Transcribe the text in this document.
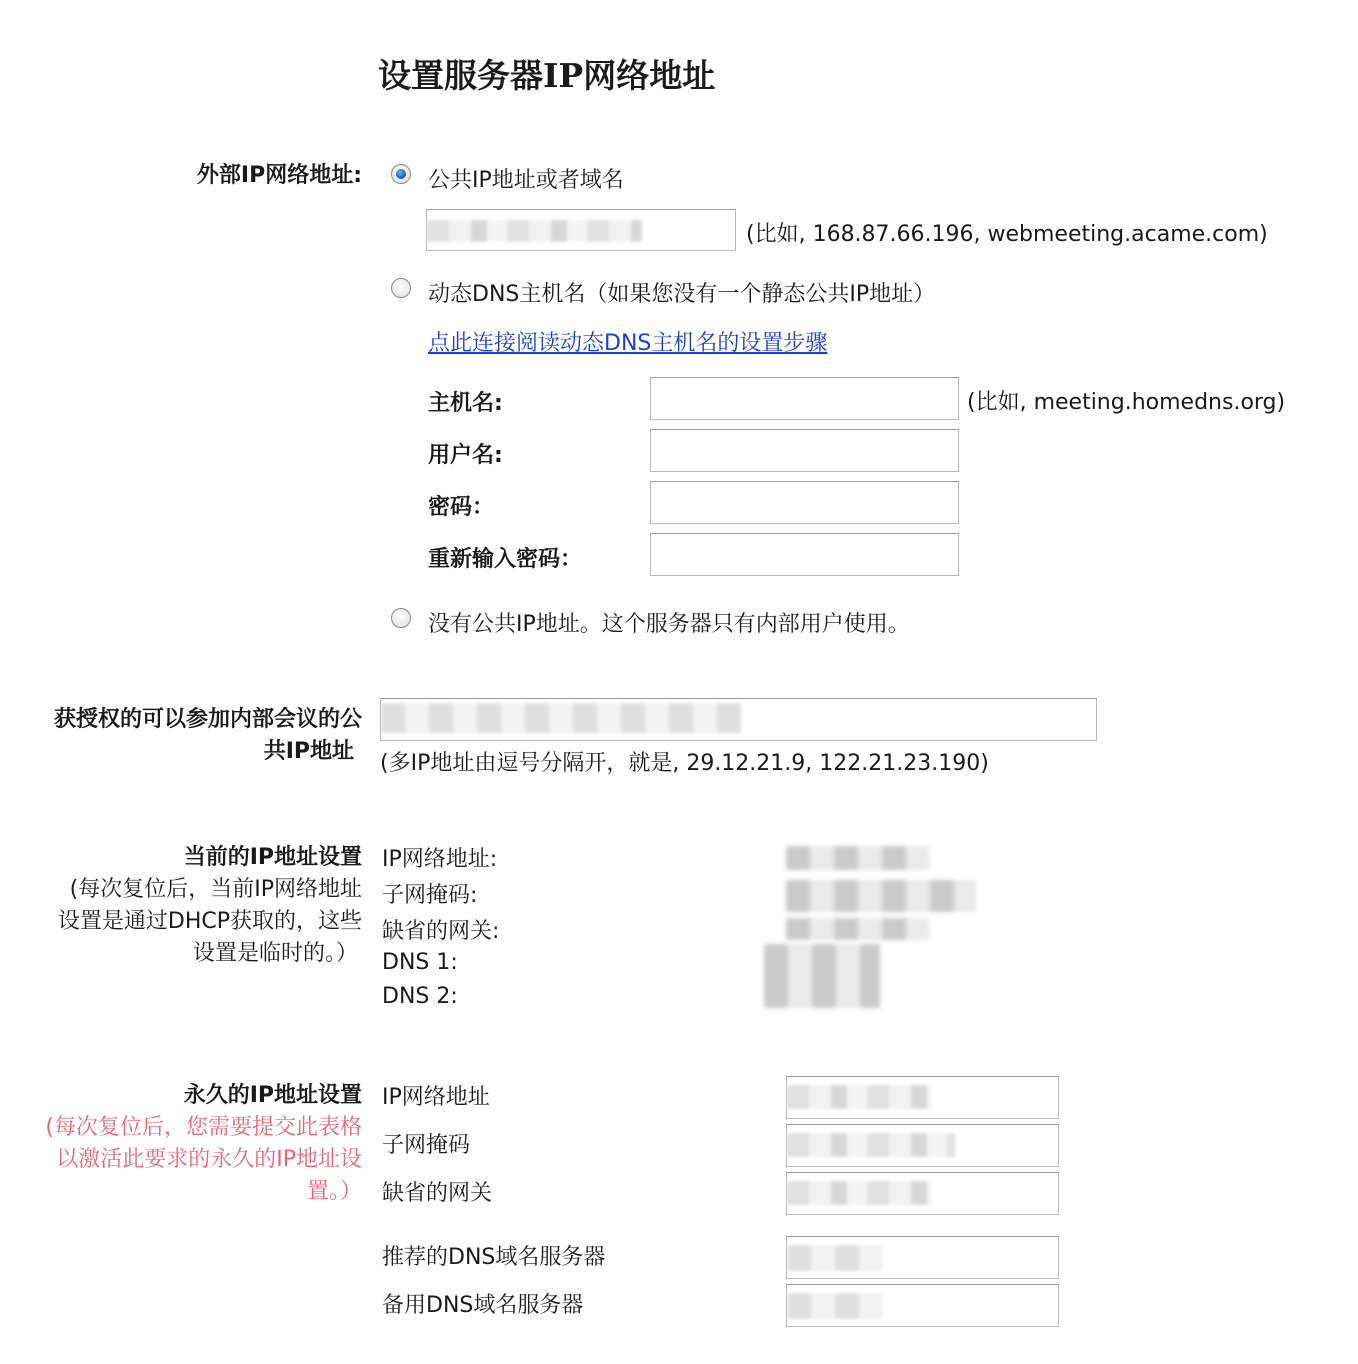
设置服务器IP网络地址
外部IP网络地址:	公共IP地址或者域名
(比如, 168.87.66.196, webmeeting.acame.com)
动态DNS主机名（如果您没有一个静态公共IP地址）
点此连接阅读动态DNS主机名的设置步骤
主机名:	(比如, meeting.homedns.org)
用户名:
密码：
重新输入密码：
没有公共IP地址。这个服务器只有内部用户使用。
获授权的可以参加内部会议的公
共IP地址 (多IP地址由逗号分隔开，就是, 29.12.21.9, 122.21.23.190)
当前的IP地址设置
(每次复位后，当前IP网络地址
设置是通过DHCP获取的，这些
设置是临时的。）
IP网络地址:
子网掩码:
缺省的网关:
DNS 1:
DNS 2:
永久的IP地址设置
(每次复位后，您需要提交此表格
以激活此要求的永久的IP地址设
置。）
IP网络地址
子网掩码
缺省的网关
推荐的DNS域名服务器
备用DNS域名服务器
